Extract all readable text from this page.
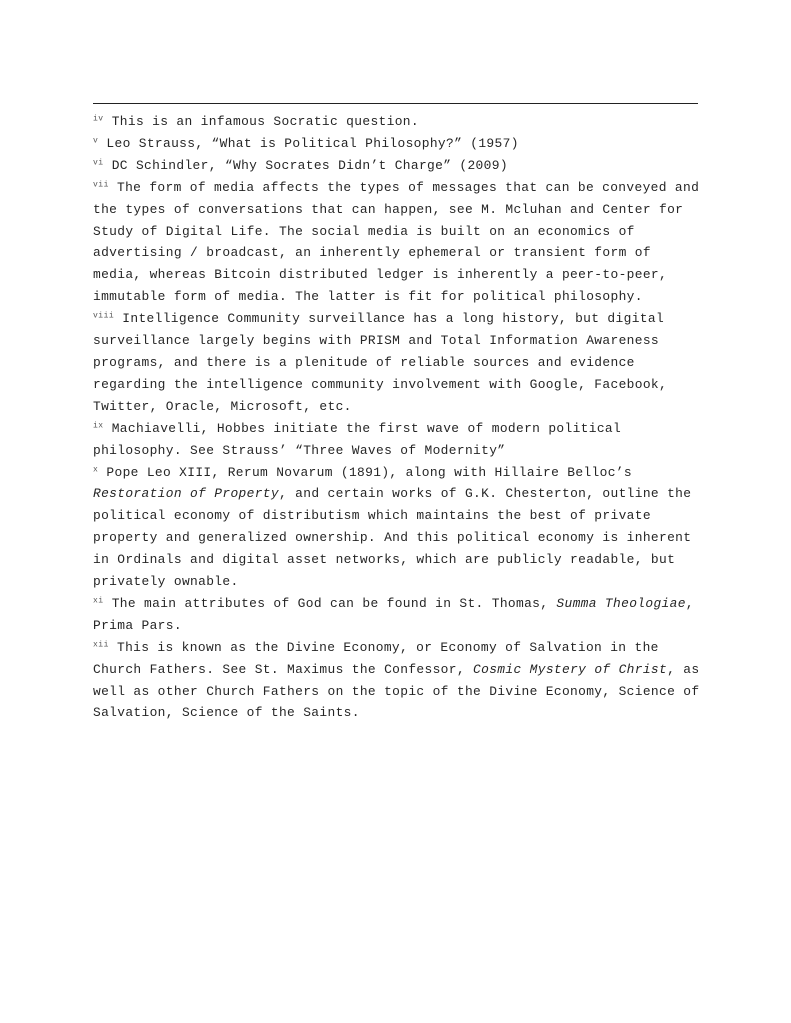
$^{iv}$ This is an infamous Socratic question.

$^v$ Leo Strauss, “What is Political Philosophy?” (1957)

$^{vi}$ DC Schindler, “Why Socrates Didn’t Charge” (2009)

$^{vii}$ The form of media affects the types of messages that can be conveyed and the types of conversations that can happen, see M. Mcluhan and Center for Study of Digital Life. The social media is built on an economics of advertising / broadcast, an inherently ephemeral or transient form of media, whereas Bitcoin distributed ledger is inherently a peer-to-peer, immutable form of media. The latter is fit for political philosophy.

$^{viii}$ Intelligence Community surveillance has a long history, but digital surveillance largely begins with PRISM and Total Information Awareness programs, and there is a plenitude of reliable sources and evidence regarding the intelligence community involvement with Google, Facebook, Twitter, Oracle, Microsoft, etc.

$^{ix}$ Machiavelli, Hobbes initiate the first wave of modern political philosophy. See Strauss’ “Three Waves of Modernity”

$^x$ Pope Leo XIII, Rerum Novarum (1891), along with Hillaire Belloc’s
Restoration of Property, and certain works of G.K. Chesterton, outline the political economy of distributism which maintains the best of private property and generalized ownership. And this political economy is inherent in Ordinals and digital asset networks, which are publicly readable, but privately ownable.

$^{xi}$ The main attributes of God can be found in St. Thomas, Summa Theologiae, Prima Pars.

$^{xii}$ This is known as the Divine Economy, or Economy of Salvation in the Church Fathers. See St. Maximus the Confessor, Cosmic Mystery of Christ, as well as other Church Fathers on the topic of the Divine Economy, Science of Salvation, Science of the Saints.
